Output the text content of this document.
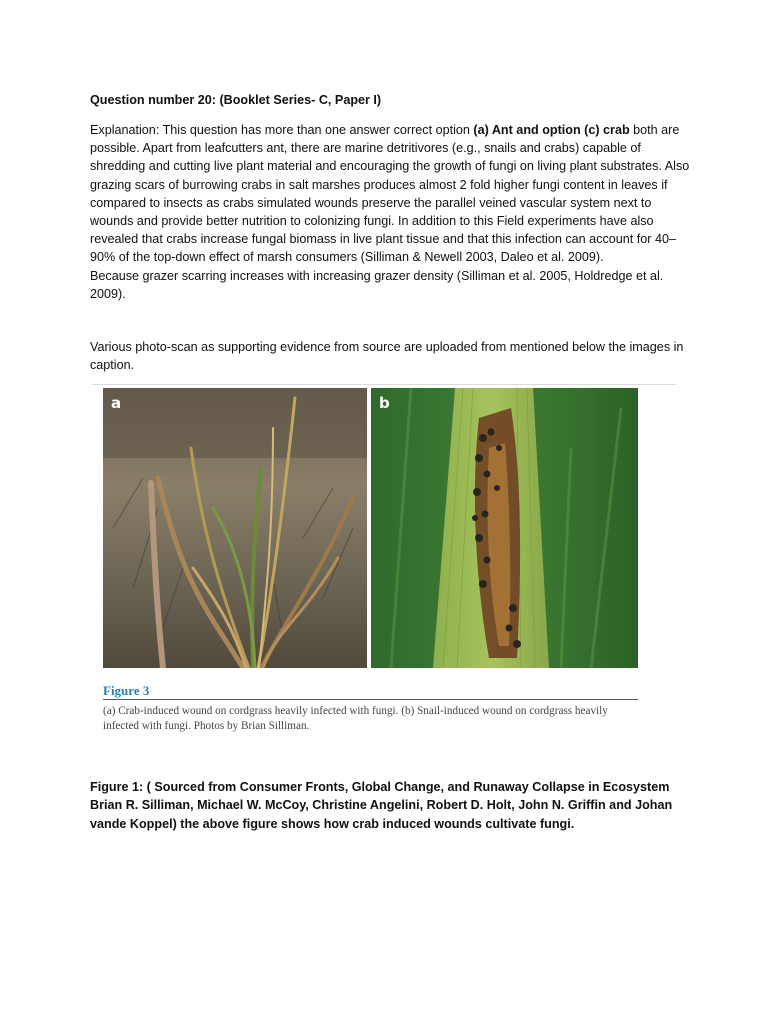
Question number 20: (Booklet Series- C, Paper I)

Explanation: This question has more than one answer correct option (a) Ant and option (c) crab both are possible. Apart from leafcutters ant, there are marine detritivores (e.g., snails and crabs) capable of shredding and cutting live plant material and encouraging the growth of fungi on living plant substrates. Also grazing scars of burrowing crabs in salt marshes produces almost 2 fold higher fungi content in leaves if compared to insects as crabs simulated wounds preserve the parallel veined vascular system next to wounds and provide better nutrition to colonizing fungi. In addition to this Field experiments have also revealed that crabs increase fungal biomass in live plant tissue and that this infection can account for 40–90% of the top-down effect of marsh consumers (Silliman & Newell 2003, Daleo et al. 2009).

Because grazer scarring increases with increasing grazer density (Silliman et al. 2005, Holdredge et al. 2009).

Various photo-scan as supporting evidence from source are uploaded from mentioned below the images in caption.
a	b
Figure 3
(a) Crab-induced wound on cordgrass heavily infected with fungi. (b) Snail-induced wound on cordgrass heavily infected with fungi. Photos by Brian Silliman.
Figure 1: ( Sourced from Consumer Fronts, Global Change, and Runaway Collapse in Ecosystem Brian R. Silliman, Michael W. McCoy, Christine Angelini, Robert D. Holt, John N. Griffin and Johan vande Koppel) the above figure shows how crab induced wounds cultivate fungi.
